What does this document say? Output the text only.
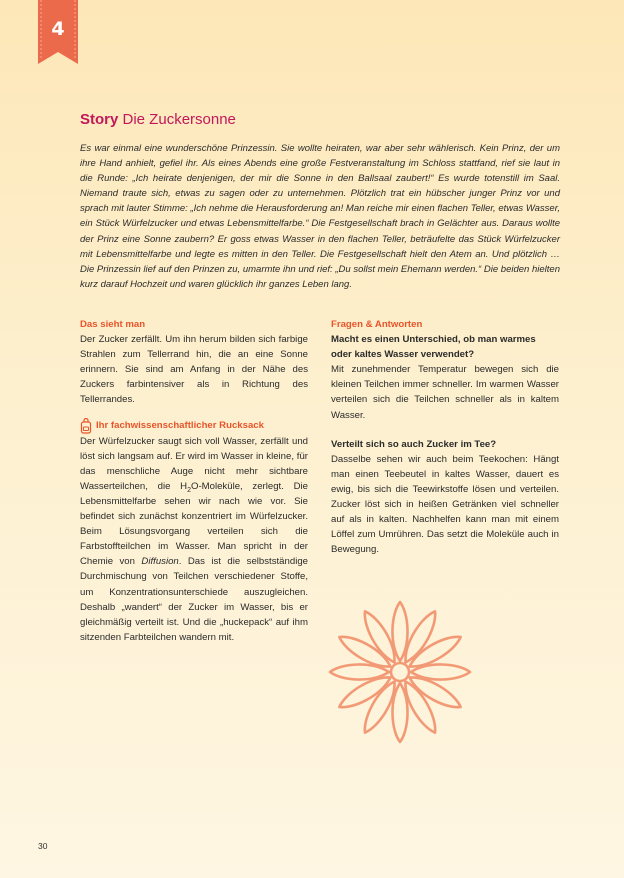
4
Story Die Zuckersonne

Es war einmal eine wunderschöne Prinzessin. Sie wollte heiraten, war aber sehr wählerisch. Kein Prinz, der um ihre Hand anhielt, gefiel ihr. Als eines Abends eine große Festveranstaltung im Schloss stattfand, rief sie laut in die Runde: „Ich heirate denjenigen, der mir die Sonne in den Ballsaal zaubert!“ Es wurde totenstill im Saal. Niemand traute sich, etwas zu sagen oder zu unternehmen. Plötzlich trat ein hübscher junger Prinz vor und sprach mit lauter Stimme: „Ich nehme die Herausforderung an! Man reiche mir einen flachen Teller, etwas Wasser, ein Stück Würfelzucker und etwas Lebensmittelfarbe.“ Die Festgesellschaft brach in Gelächter aus. Daraus wollte der Prinz eine Sonne zaubern? Er goss etwas Wasser in den flachen Teller, beträufelte das Stück Würfelzucker mit Lebensmittelfarbe und legte es mitten in den Teller. Die Festgesellschaft hielt den Atem an. Und plötzlich … Die Prinzessin lief auf den Prinzen zu, umarmte ihn und rief: „Du sollst mein Ehemann werden.“ Die beiden hielten kurz darauf Hochzeit und waren glücklich ihr ganzes Leben lang.

Das sieht man

Der Zucker zerfällt. Um ihn herum bilden sich farbige Strahlen zum Tellerrand hin, die an eine Sonne erinnern. Sie sind am Anfang in der Nähe des Zuckers farbintensiver als in Richtung des Tellerrandes.

Ihr fachwissenschaftlicher Rucksack

Der Würfelzucker saugt sich voll Wasser, zerfällt und löst sich langsam auf. Er wird im Wasser in kleine, für das menschliche Auge nicht mehr sichtbare Wasserteilchen, die $H_2O$-Moleküle, zerlegt. Die Lebensmittelfarbe sehen wir nach wie vor. Sie befindet sich zunächst konzentriert im Würfelzucker. Beim Lösungsvorgang verteilen sich die Farbstoffteilchen im Wasser. Man spricht in der Chemie von Diffusion. Das ist die selbstständige Durchmischung von Teilchen verschiedener Stoffe, um Konzentrationsunterschiede auszugleichen. Deshalb „wandert“ der Zucker im Wasser, bis er gleichmäßig verteilt ist. Und die „huckepack“ auf ihm sitzenden Farbteilchen wandern mit.

Fragen & Antworten
Macht es einen Unterschied, ob man warmes oder kaltes Wasser verwendet?

Mit zunehmender Temperatur bewegen sich die kleinen Teilchen immer schneller. Im warmen Wasser verteilen sich die Teilchen schneller als in kaltem Wasser.

Verteilt sich so auch Zucker im Tee?

Dasselbe sehen wir auch beim Teekochen: Hängt man einen Teebeutel in kaltes Wasser, dauert es ewig, bis sich die Teewirkstoffe lösen und verteilen. Zucker löst sich in heißen Getränken viel schneller auf als in kalten. Nachhelfen kann man mit einem Löffel zum Umrühren. Das setzt die Moleküle auch in Bewegung.

30
